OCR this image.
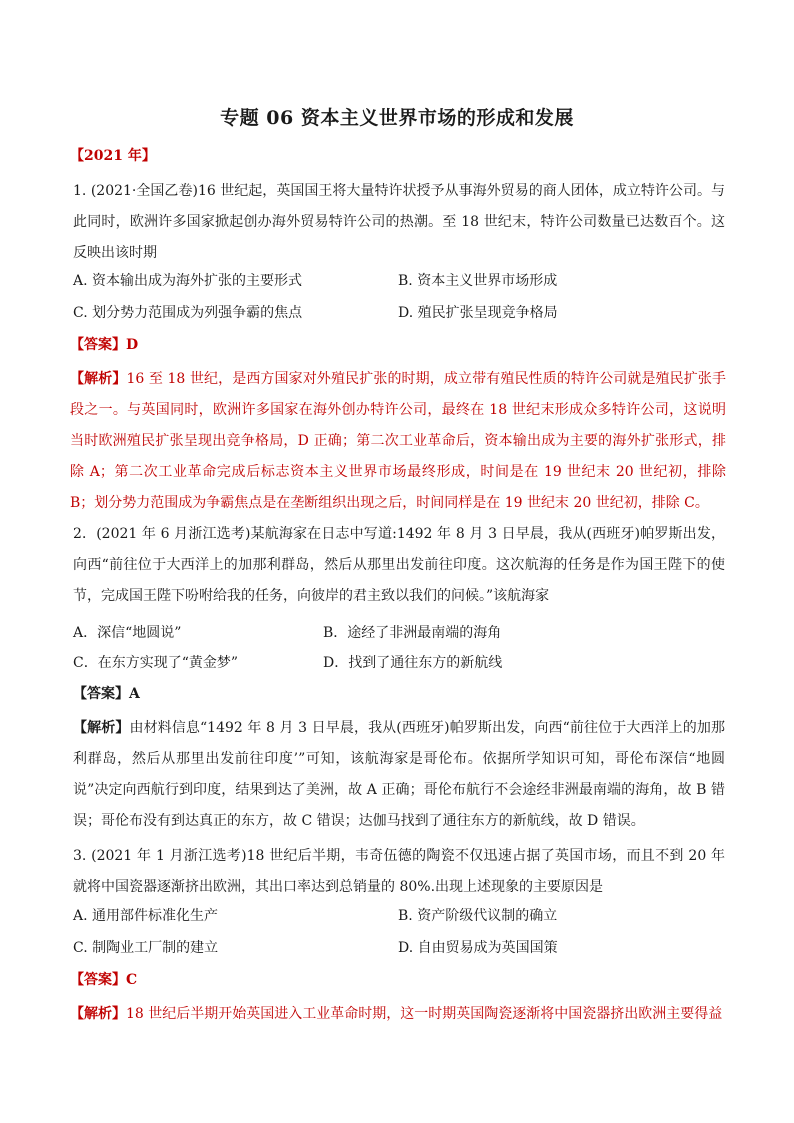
专题 06 资本主义世界市场的形成和发展
【2021 年】
1. (2021·全国乙卷)16 世纪起，英国国王将大量特许状授予从事海外贸易的商人团体，成立特许公司。与此同时，欧洲许多国家掀起创办海外贸易特许公司的热潮。至 18 世纪末，特许公司数量已达数百个。这反映出该时期
A. 资本输出成为海外扩张的主要形式	B. 资本主义世界市场形成
C. 划分势力范围成为列强争霸的焦点	D. 殖民扩张呈现竞争格局
【答案】D
【解析】16 至 18 世纪，是西方国家对外殖民扩张的时期，成立带有殖民性质的特许公司就是殖民扩张手段之一。与英国同时，欧洲许多国家在海外创办特许公司，最终在 18 世纪末形成众多特许公司，这说明当时欧洲殖民扩张呈现出竞争格局，D 正确；第二次工业革命后，资本输出成为主要的海外扩张形式，排除 A；第二次工业革命完成后标志资本主义世界市场最终形成，时间是在 19 世纪末 20 世纪初，排除 B；划分势力范围成为争霸焦点是在垄断组织出现之后，时间同样是在 19 世纪末 20 世纪初，排除 C。
2．(2021 年 6 月浙江选考)某航海家在日志中写道:1492 年 8 月 3 日早晨，我从(西班牙)帕罗斯出发，向西“前往位于大西洋上的加那利群岛，然后从那里出发前往印度。这次航海的任务是作为国王陛下的使节，完成国王陛下吩咐给我的任务，向彼岸的君主致以我们的问候。”该航海家
A．深信“地圆说”	B．途经了非洲最南端的海角
C．在东方实现了“黄金梦”	D．找到了通往东方的新航线
【答案】A
【解析】由材料信息“1492 年 8 月 3 日早晨，我从(西班牙)帕罗斯出发，向西“前往位于大西洋上的加那利群岛，然后从那里出发前往印度’”可知，该航海家是哥伦布。依据所学知识可知，哥伦布深信“地圆说”决定向西航行到印度，结果到达了美洲，故 A 正确；哥伦布航行不会途经非洲最南端的海角，故 B 错误；哥伦布没有到达真正的东方，故 C 错误；达伽马找到了通往东方的新航线，故 D 错误。
3. (2021 年 1 月浙江选考)18 世纪后半期，韦奇伍德的陶瓷不仅迅速占据了英国市场，而且不到 20 年就将中国瓷器逐渐挤出欧洲，其出口率达到总销量的 80%.出现上述现象的主要原因是
A. 通用部件标准化生产	B. 资产阶级代议制的确立
C. 制陶业工厂制的建立	D. 自由贸易成为英国国策
【答案】C
【解析】18 世纪后半期开始英国进入工业革命时期，这一时期英国陶瓷逐渐将中国瓷器挤出欧洲主要得益
